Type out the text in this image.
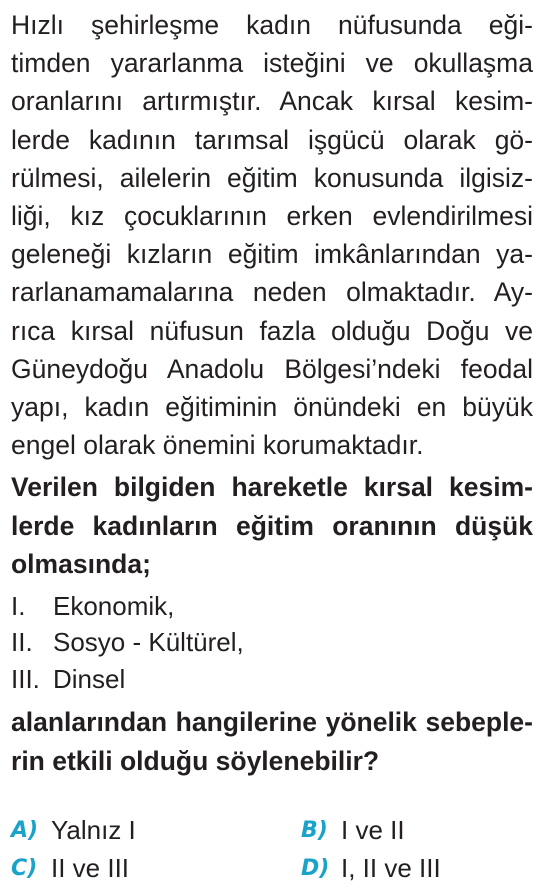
Hızlı şehirleşme kadın nüfusunda eği-
timden yararlanma isteğini ve okullaşma
oranlarını artırmıştır. Ancak kırsal kesim-
lerde kadının tarımsal işgücü olarak gö-
rülmesi, ailelerin eğitim konusunda ilgisiz-
liği, kız çocuklarının erken evlendirilmesi
geleneği kızların eğitim imkânlarından ya-
rarlanamamalarına neden olmaktadır. Ay-
rıca kırsal nüfusun fazla olduğu Doğu ve
Güneydoğu Anadolu Bölgesi’ndeki feodal
yapı, kadın eğitiminin önündeki en büyük
engel olarak önemini korumaktadır.
Verilen bilgiden hareketle kırsal kesim-
lerde kadınların eğitim oranının düşük
olmasında;
I.	Ekonomik,
II. Sosyo - Kültürel,
III. Dinsel
alanlarından hangilerine yönelik sebeple-
rin etkili olduğu söylenebilir?
A) Yalnız I	B) I ve II
C) II ve III	D) I, II ve III
